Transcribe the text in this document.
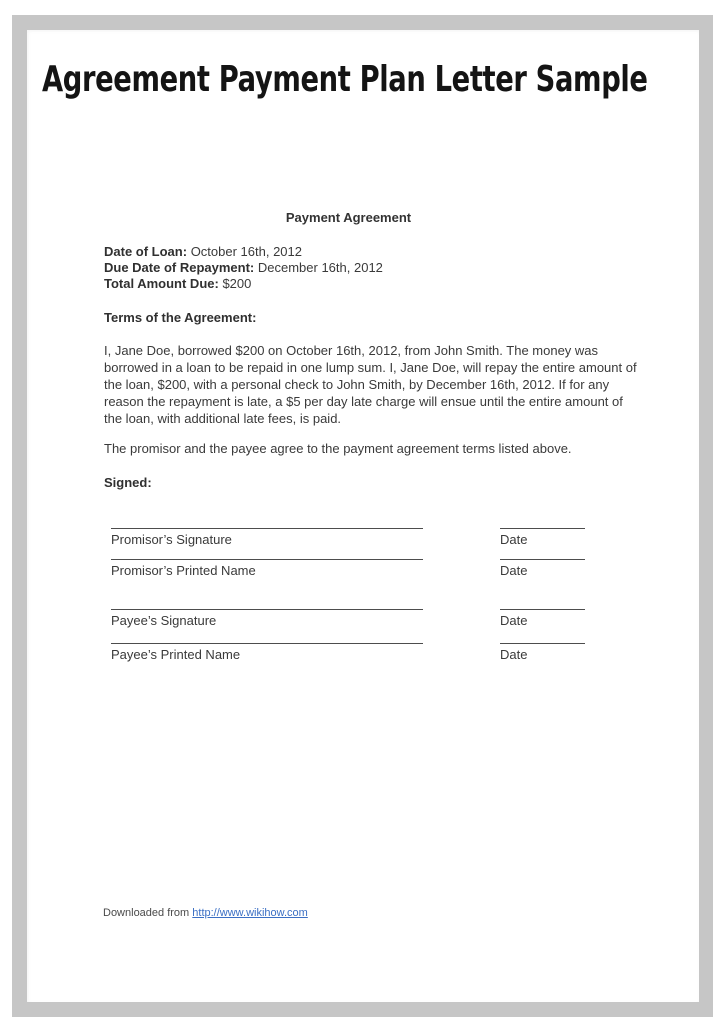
Agreement Payment Plan Letter Sample
Payment Agreement
Date of Loan: October 16th, 2012
Due Date of Repayment: December 16th, 2012
Total Amount Due: $200
Terms of the Agreement:

I, Jane Doe, borrowed $200 on October 16th, 2012, from John Smith. The money was borrowed in a loan to be repaid in one lump sum. I, Jane Doe, will repay the entire amount of the loan, $200, with a personal check to John Smith, by December 16th, 2012. If for any reason the repayment is late, a $5 per day late charge will ensue until the entire amount of the loan, with additional late fees, is paid.

The promisor and the payee agree to the payment agreement terms listed above.
Signed:
Promisor’s Signature	Date
Promisor’s Printed Name	Date
Payee’s Signature	Date
Payee’s Printed Name	Date
Downloaded from http://www.wikihow.com
